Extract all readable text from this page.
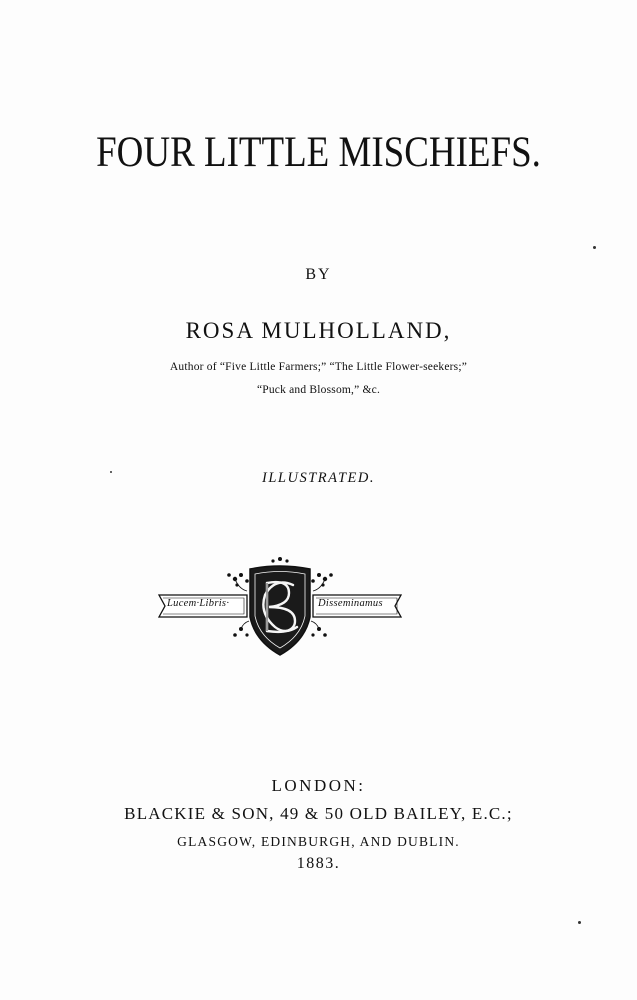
FOUR LITTLE MISCHIEFS.
BY
ROSA MULHOLLAND,
Author of “Five Little Farmers;” “The Little Flower-seekers;”
“Puck and Blossom,” &c.
ILLUSTRATED.
Lucem·Libris·	Disseminamus
LONDON:
BLACKIE & SON, 49 & 50 OLD BAILEY, E.C.;
GLASGOW, EDINBURGH, AND DUBLIN.
1883.
